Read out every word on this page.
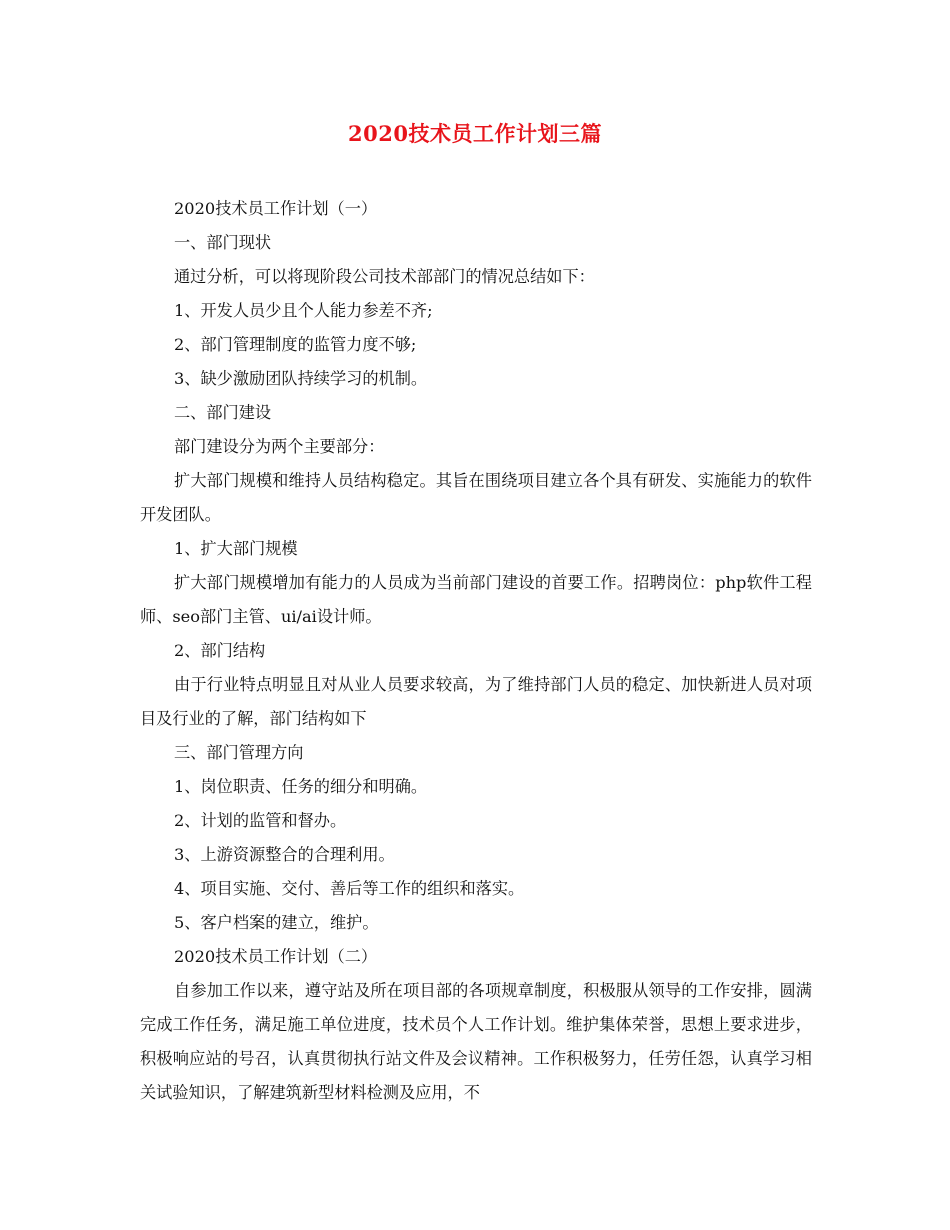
2020技术员工作计划三篇

2020技术员工作计划（一）

一、部门现状

通过分析，可以将现阶段公司技术部部门的情况总结如下：

1、开发人员少且个人能力参差不齐;

2、部门管理制度的监管力度不够;

3、缺少激励团队持续学习的机制。

二、部门建设

部门建设分为两个主要部分：

扩大部门规模和维持人员结构稳定。其旨在围绕项目建立各个具有研发、实施能力的软件开发团队。

1、扩大部门规模

扩大部门规模增加有能力的人员成为当前部门建设的首要工作。招聘岗位：php软件工程师、seo部门主管、ui/ai设计师。

2、部门结构

由于行业特点明显且对从业人员要求较高，为了维持部门人员的稳定、加快新进人员对项目及行业的了解，部门结构如下

三、部门管理方向

1、岗位职责、任务的细分和明确。

2、计划的监管和督办。

3、上游资源整合的合理利用。

4、项目实施、交付、善后等工作的组织和落实。

5、客户档案的建立，维护。

2020技术员工作计划（二）

自参加工作以来，遵守站及所在项目部的各项规章制度，积极服从领导的工作安排，圆满完成工作任务，满足施工单位进度，技术员个人工作计划。维护集体荣誉，思想上要求进步，积极响应站的号召，认真贯彻执行站文件及会议精神。工作积极努力，任劳任怨，认真学习相关试验知识，了解建筑新型材料检测及应用，不
